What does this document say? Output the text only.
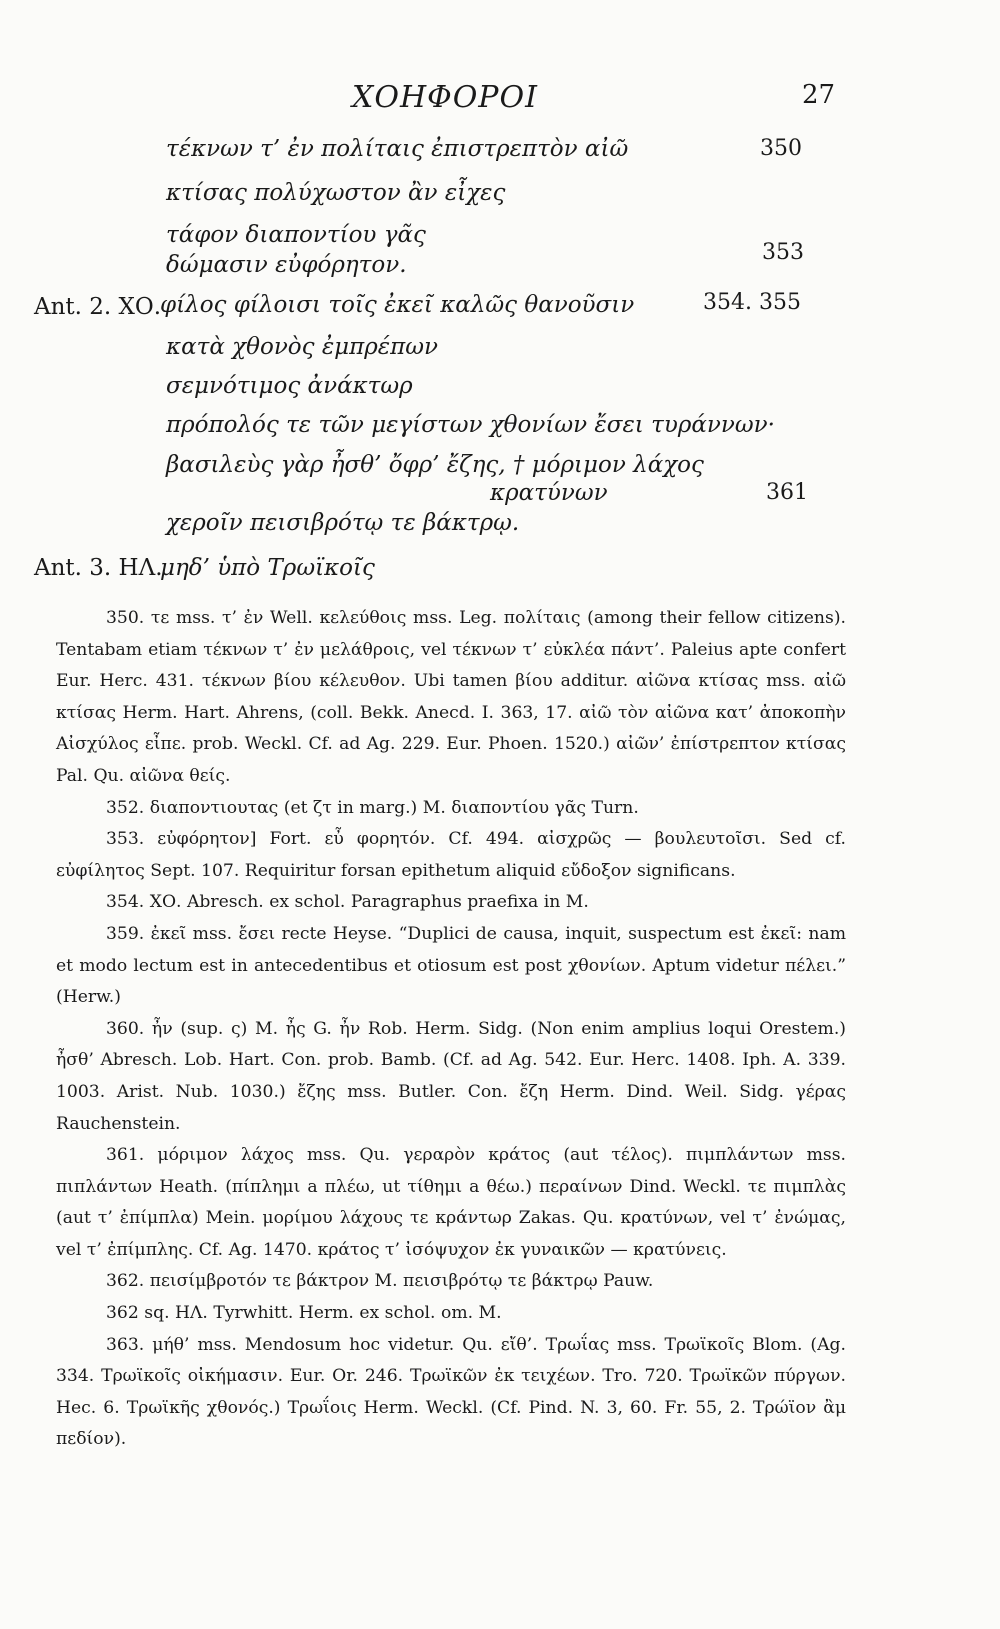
ΧΟΗΦΟΡΟΙ	27
τέκνων τ’ ἐν πολίταις ἐπιστρεπτὸν αἰῶ	350
κτίσας πολύχωστον ἂν εἶχες
τάφον διαποντίου γᾶς
δώμασιν εὐφόρητον.	353
Ant. 2. ΧΟ.
φίλος φίλοισι τοῖς ἐκεῖ καλῶς θανοῦσιν	354. 355
κατὰ χθονὸς ἐμπρέπων
σεμνότιμος ἀνάκτωρ
πρόπολός τε τῶν μεγίστων χθονίων ἔσει τυράννων·
βασιλεὺς γὰρ ἦσθ’ ὄφρ’ ἔζης, † μόριμον λάχος
κρατύνων	361
χεροῖν πεισιβρότῳ τε βάκτρῳ.
Ant. 3. ΗΛ.
μηδ’ ὑπὸ Τρωϊκοῖς

350. τε mss. τ’ ἐν Well. κελεύθοις mss. Leg. πολίταις (among their fellow citizens). Tentabam etiam τέκνων τ’ ἐν μελάθροις, vel τέκνων τ’ εὐκλέα πάντ’. Paleius apte confert Eur. Herc. 431. τέκνων βίου κέλευθον. Ubi tamen βίου additur. αἰῶνα κτίσας mss. αἰῶ κτίσας Herm. Hart. Ahrens, (coll. Bekk. Anecd. I. 363, 17. αἰῶ τὸν αἰῶνα κατ’ ἀποκοπὴν Αἰσχύλος εἶπε. prob. Weckl. Cf. ad Ag. 229. Eur. Phoen. 1520.) αἰῶν’ ἐπίστρεπτον κτίσας Pal. Qu. αἰῶνα θείς.

352. διαποντιουτας (et ζτ in marg.) M. διαποντίου γᾶς Turn.

353. εὐφόρητον] Fort. εὖ φορητόν. Cf. 494. αἰσχρῶς — βουλευτοῖσι. Sed cf. εὐφίλητος Sept. 107. Requiritur forsan epithetum aliquid εὔδοξον significans.

354. ΧΟ. Abresch. ex schol. Paragraphus praefixa in M.

359. ἐκεῖ mss. ἔσει recte Heyse. “Duplici de causa, inquit, suspectum est ἐκεῖ: nam et modo lectum est in antecedentibus et otiosum est post χθονίων. Aptum videtur πέλει.” (Herw.)

360. ἦν (sup. ς) M. ἦς G. ἦν Rob. Herm. Sidg. (Non enim amplius loqui Orestem.) ἦσθ’ Abresch. Lob. Hart. Con. prob. Bamb. (Cf. ad Ag. 542. Eur. Herc. 1408. Iph. A. 339. 1003. Arist. Nub. 1030.) ἔζης mss. Butler. Con. ἔζη Herm. Dind. Weil. Sidg. γέρας Rauchenstein.

361. μόριμον λάχος mss. Qu. γεραρὸν κράτος (aut τέλος). πιμπλάντων mss. πιπλάντων Heath. (πίπλημι a πλέω, ut τίθημι a θέω.) περαίνων Dind. Weckl. τε πιμπλὰς (aut τ’ ἐπίμπλα) Mein. μορίμου λάχους τε κράντωρ Zakas. Qu. κρατύνων, vel τ’ ἐνώμας, vel τ’ ἐπίμπλης. Cf. Ag. 1470. κράτος τ’ ἰσόψυχον ἐκ γυναικῶν — κρατύνεις.

362. πεισίμβροτόν τε βάκτρον M. πεισιβρότῳ τε βάκτρῳ Pauw.

362 sq. ΗΛ. Tyrwhitt. Herm. ex schol. om. M.

363. μήθ’ mss. Mendosum hoc videtur. Qu. εἴθ’. Τρωΐας mss. Τρωϊκοῖς Blom. (Ag. 334. Τρωϊκοῖς οἰκήμασιν. Eur. Or. 246. Τρωϊκῶν ἐκ τειχέων. Tro. 720. Τρωϊκῶν πύργων. Hec. 6. Τρωϊκῆς χθονός.) Τρωΐοις Herm. Weckl. (Cf. Pind. N. 3, 60. Fr. 55, 2. Τρώϊον ἂμ πεδίον).
